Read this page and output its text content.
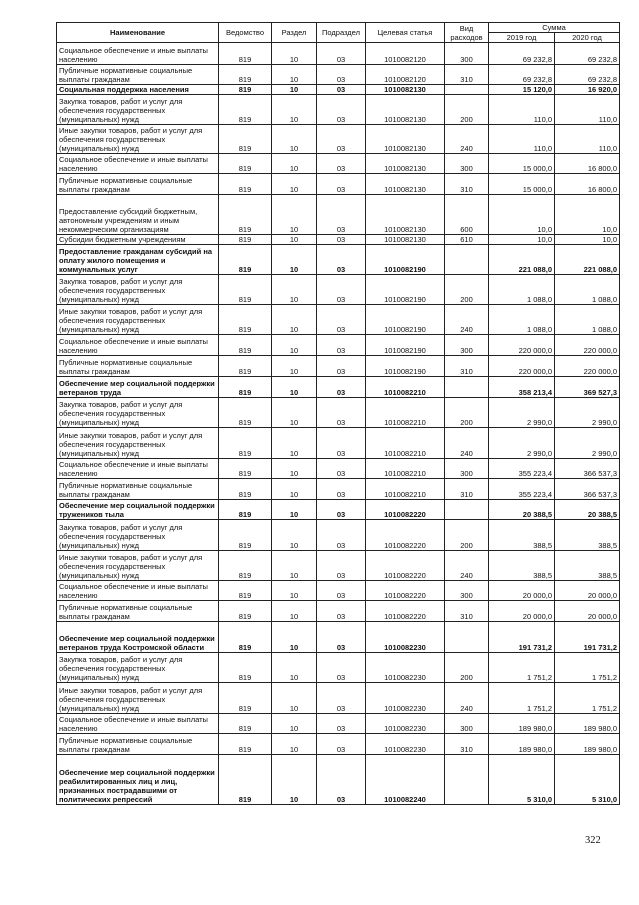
Наименование	Ведомство	Раздел	Подраздел	Целевая статья	Вид расходов	Сумма	
						2019 год	2020 год
Социальное обеспечение и иные выплаты населению	819	10	03	1010082120	300	69 232,8	69 232,8
Публичные нормативные социальные выплаты гражданам	819	10	03	1010082120	310	69 232,8	69 232,8
Социальная поддержка населения	819	10	03	1010082130		15 120,0	16 920,0
Закупка товаров, работ и услуг для обеспечения государственных (муниципальных) нужд	819	10	03	1010082130	200	110,0	110,0
Иные закупки товаров, работ и услуг для обеспечения государственных (муниципальных) нужд	819	10	03	1010082130	240	110,0	110,0
Социальное обеспечение и иные выплаты населению	819	10	03	1010082130	300	15 000,0	16 800,0
Публичные нормативные социальные выплаты гражданам	819	10	03	1010082130	310	15 000,0	16 800,0
Предоставление субсидий бюджетным, автономным учреждениям и иным некоммерческим организациям	819	10	03	1010082130	600	10,0	10,0
Субсидии бюджетным учреждениям	819	10	03	1010082130	610	10,0	10,0
Предоставление гражданам субсидий на оплату жилого помещения и коммунальных услуг	819	10	03	1010082190		221 088,0	221 088,0
Закупка товаров, работ и услуг для обеспечения государственных (муниципальных) нужд	819	10	03	1010082190	200	1 088,0	1 088,0
Иные закупки товаров, работ и услуг для обеспечения государственных (муниципальных) нужд	819	10	03	1010082190	240	1 088,0	1 088,0
Социальное обеспечение и иные выплаты населению	819	10	03	1010082190	300	220 000,0	220 000,0
Публичные нормативные социальные выплаты гражданам	819	10	03	1010082190	310	220 000,0	220 000,0
Обеспечение мер социальной поддержки ветеранов труда	819	10	03	1010082210		358 213,4	369 527,3
Закупка товаров, работ и услуг для обеспечения государственных (муниципальных) нужд	819	10	03	1010082210	200	2 990,0	2 990,0
Иные закупки товаров, работ и услуг для обеспечения государственных (муниципальных) нужд	819	10	03	1010082210	240	2 990,0	2 990,0
Социальное обеспечение и иные выплаты населению	819	10	03	1010082210	300	355 223,4	366 537,3
Публичные нормативные социальные выплаты гражданам	819	10	03	1010082210	310	355 223,4	366 537,3
Обеспечение мер социальной поддержки тружеников тыла	819	10	03	1010082220		20 388,5	20 388,5
Закупка товаров, работ и услуг для обеспечения государственных (муниципальных) нужд	819	10	03	1010082220	200	388,5	388,5
Иные закупки товаров, работ и услуг для обеспечения государственных (муниципальных) нужд	819	10	03	1010082220	240	388,5	388,5
Социальное обеспечение и иные выплаты населению	819	10	03	1010082220	300	20 000,0	20 000,0
Публичные нормативные социальные выплаты гражданам	819	10	03	1010082220	310	20 000,0	20 000,0
Обеспечение мер социальной поддержки ветеранов труда Костромской области	819	10	03	1010082230		191 731,2	191 731,2
Закупка товаров, работ и услуг для обеспечения государственных (муниципальных) нужд	819	10	03	1010082230	200	1 751,2	1 751,2
Иные закупки товаров, работ и услуг для обеспечения государственных (муниципальных) нужд	819	10	03	1010082230	240	1 751,2	1 751,2
Социальное обеспечение и иные выплаты населению	819	10	03	1010082230	300	189 980,0	189 980,0
Публичные нормативные социальные выплаты гражданам	819	10	03	1010082230	310	189 980,0	189 980,0
Обеспечение мер социальной поддержки реабилитированных лиц и лиц, признанных пострадавшими от политических репрессий	819	10	03	1010082240		5 310,0	5 310,0
322
